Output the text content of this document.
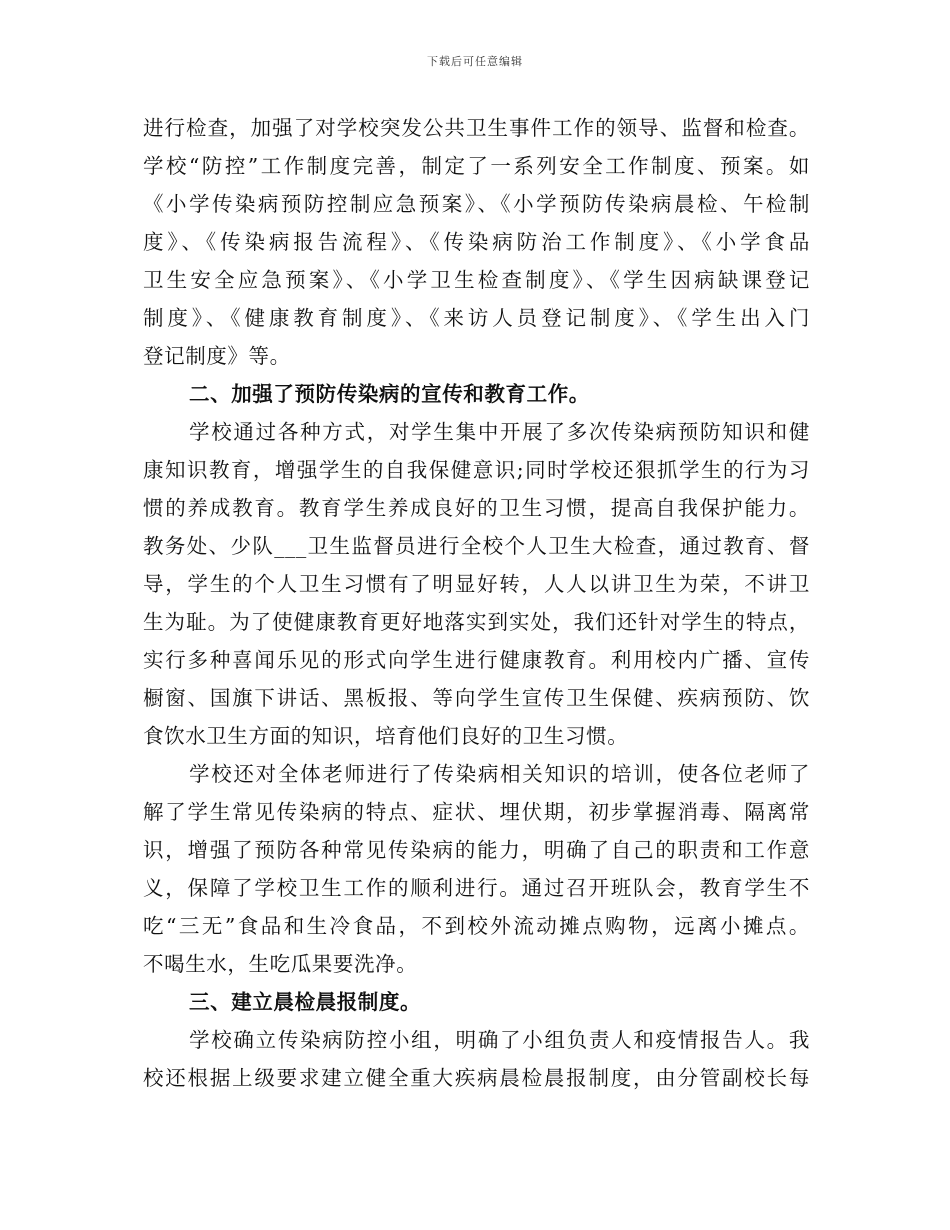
下载后可任意编辑
进行检查，加强了对学校突发公共卫生事件工作的领导、监督和检查。
学校“防控”工作制度完善，制定了一系列安全工作制度、预案。如
《小学传染病预防控制应急预案》、《小学预防传染病晨检、午检制
度》、《传染病报告流程》、《传染病防治工作制度》、《小学食品
卫生安全应急预案》、《小学卫生检查制度》、《学生因病缺课登记
制度》、《健康教育制度》、《来访人员登记制度》、《学生出入门
登记制度》等。
二、加强了预防传染病的宣传和教育工作。
学校通过各种方式，对学生集中开展了多次传染病预防知识和健
康知识教育，增强学生的自我保健意识;同时学校还狠抓学生的行为习
惯的养成教育。教育学生养成良好的卫生习惯，提高自我保护能力。
教务处、少队___卫生监督员进行全校个人卫生大检查，通过教育、督
导，学生的个人卫生习惯有了明显好转，人人以讲卫生为荣，不讲卫
生为耻。为了使健康教育更好地落实到实处，我们还针对学生的特点，
实行多种喜闻乐见的形式向学生进行健康教育。利用校内广播、宣传
橱窗、国旗下讲话、黑板报、等向学生宣传卫生保健、疾病预防、饮
食饮水卫生方面的知识，培育他们良好的卫生习惯。
学校还对全体老师进行了传染病相关知识的培训，使各位老师了
解了学生常见传染病的特点、症状、埋伏期，初步掌握消毒、隔离常
识，增强了预防各种常见传染病的能力，明确了自己的职责和工作意
义，保障了学校卫生工作的顺利进行。通过召开班队会，教育学生不
吃“三无”食品和生冷食品，不到校外流动摊点购物，远离小摊点。
不喝生水，生吃瓜果要洗净。
三、建立晨检晨报制度。
学校确立传染病防控小组，明确了小组负责人和疫情报告人。我
校还根据上级要求建立健全重大疾病晨检晨报制度，由分管副校长每
